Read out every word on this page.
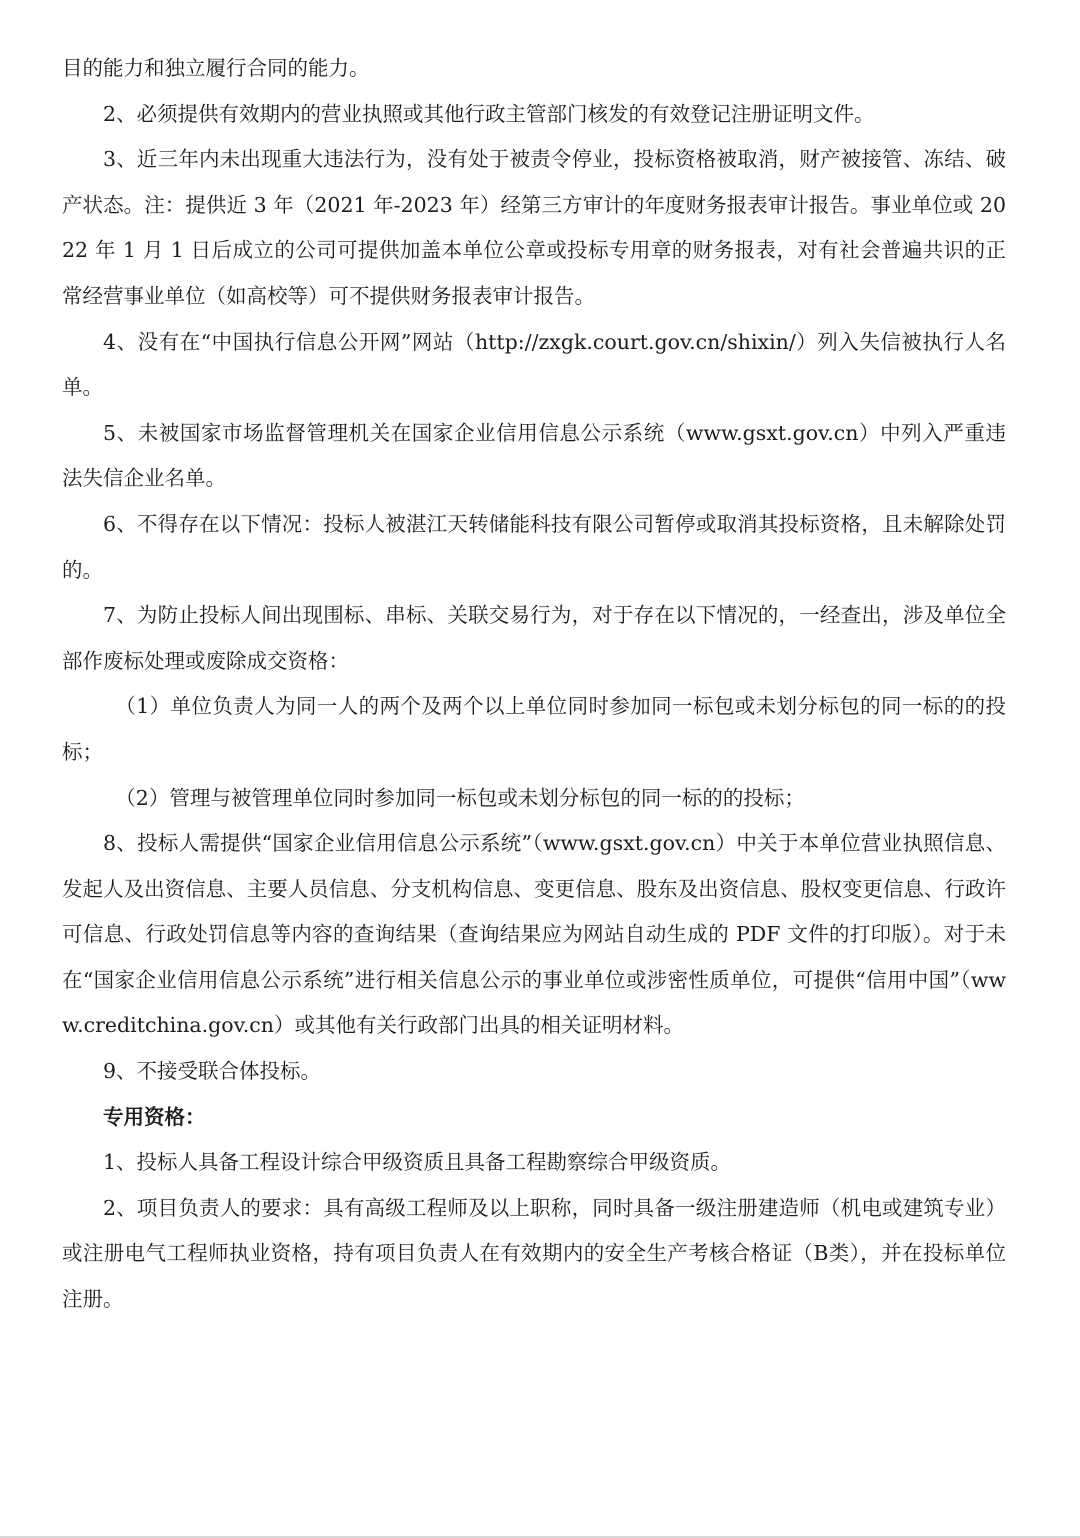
目的能力和独立履行合同的能力。

2、必须提供有效期内的营业执照或其他行政主管部门核发的有效登记注册证明文件。

3、近三年内未出现重大违法行为，没有处于被责令停业，投标资格被取消，财产被接管、冻结、破产状态。注：提供近 3 年（2021 年-2023 年）经第三方审计的年度财务报表审计报告。事业单位或 2022 年 1 月 1 日后成立的公司可提供加盖本单位公章或投标专用章的财务报表，对有社会普遍共识的正常经营事业单位（如高校等）可不提供财务报表审计报告。

4、没有在“中国执行信息公开网”网站（http://zxgk.court.gov.cn/shixin/）列入失信被执行人名单。

5、未被国家市场监督管理机关在国家企业信用信息公示系统（www.gsxt.gov.cn）中列入严重违法失信企业名单。

6、不得存在以下情况：投标人被湛江天转储能科技有限公司暂停或取消其投标资格，且未解除处罚的。

7、为防止投标人间出现围标、串标、关联交易行为，对于存在以下情况的，一经查出，涉及单位全部作废标处理或废除成交资格：

（1）单位负责人为同一人的两个及两个以上单位同时参加同一标包或未划分标包的同一标的的投标；

（2）管理与被管理单位同时参加同一标包或未划分标包的同一标的的投标；

8、投标人需提供“国家企业信用信息公示系统”（www.gsxt.gov.cn）中关于本单位营业执照信息、发起人及出资信息、主要人员信息、分支机构信息、变更信息、股东及出资信息、股权变更信息、行政许可信息、行政处罚信息等内容的查询结果（查询结果应为网站自动生成的 PDF 文件的打印版）。对于未在“国家企业信用信息公示系统”进行相关信息公示的事业单位或涉密性质单位，可提供“信用中国”（www.creditchina.gov.cn）或其他有关行政部门出具的相关证明材料。

9、不接受联合体投标。

专用资格：

1、投标人具备工程设计综合甲级资质且具备工程勘察综合甲级资质。

2、项目负责人的要求：具有高级工程师及以上职称，同时具备一级注册建造师（机电或建筑专业）或注册电气工程师执业资格，持有项目负责人在有效期内的安全生产考核合格证（B类），并在投标单位注册。
